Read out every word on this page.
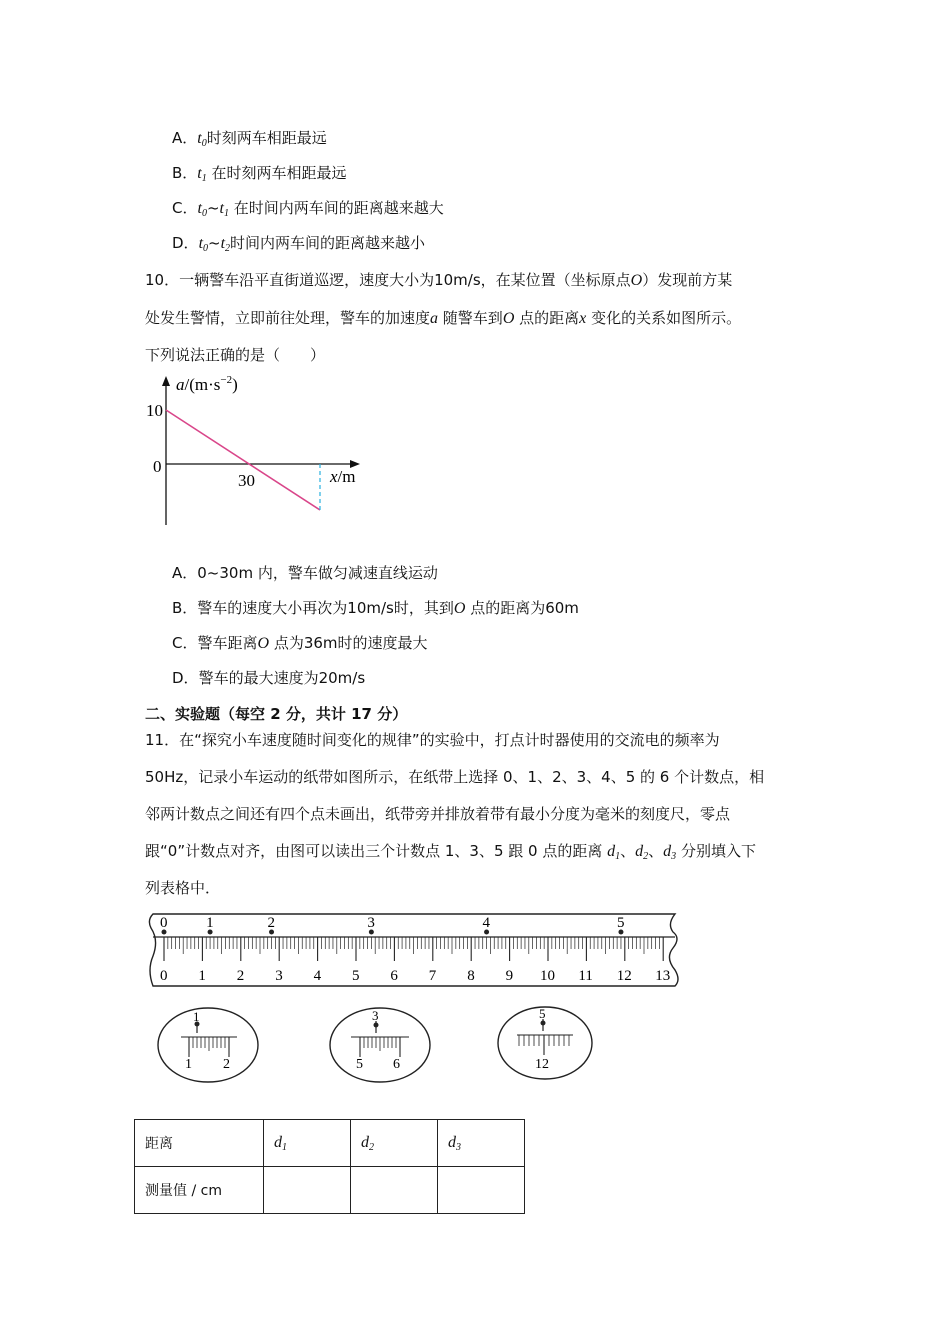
A．$t_0$时刻两车相距最远
B．$t_1$ 在时刻两车相距最远
C．$t_0\sim t_1$ 在时间内两车间的距离越来越大
D．$t_0\sim t_2$时间内两车间的距离越来越小
10．一辆警车沿平直街道巡逻，速度大小为10m/s，在某位置（坐标原点O）发现前方某
处发生警情，立即前往处理，警车的加速度a 随警车到O 点的距离x 变化的关系如图所示。
下列说法正确的是（　　）
$a/(m\cdot s^{-2})$
10
0
30	x/m
A．0~30m 内，警车做匀减速直线运动
B．警车的速度大小再次为10m/s时，其到O 点的距离为60m
C．警车距离O 点为36m时的速度最大
D．警车的最大速度为20m/s
二、实验题（每空 2 分，共计 17 分）
11．在“探究小车速度随时间变化的规律”的实验中，打点计时器使用的交流电的频率为
50Hz，记录小车运动的纸带如图所示，在纸带上选择 0、1、2、3、4、5 的 6 个计数点，相
邻两计数点之间还有四个点未画出，纸带旁并排放着带有最小分度为毫米的刻度尺，零点
跟“0”计数点对齐，由图可以读出三个计数点 1、3、5 跟 0 点的距离 $d_1$、$d_2$、$d_3$ 分别填入下
列表格中．
0 1 2 3 4 5 6 7 8 9 10 11 12 13
0	1	2	3	4	5
1
1 2
3
5 6
5
12
距离	$d_1$	$d_2$	$d_3$
测量值 / cm			
